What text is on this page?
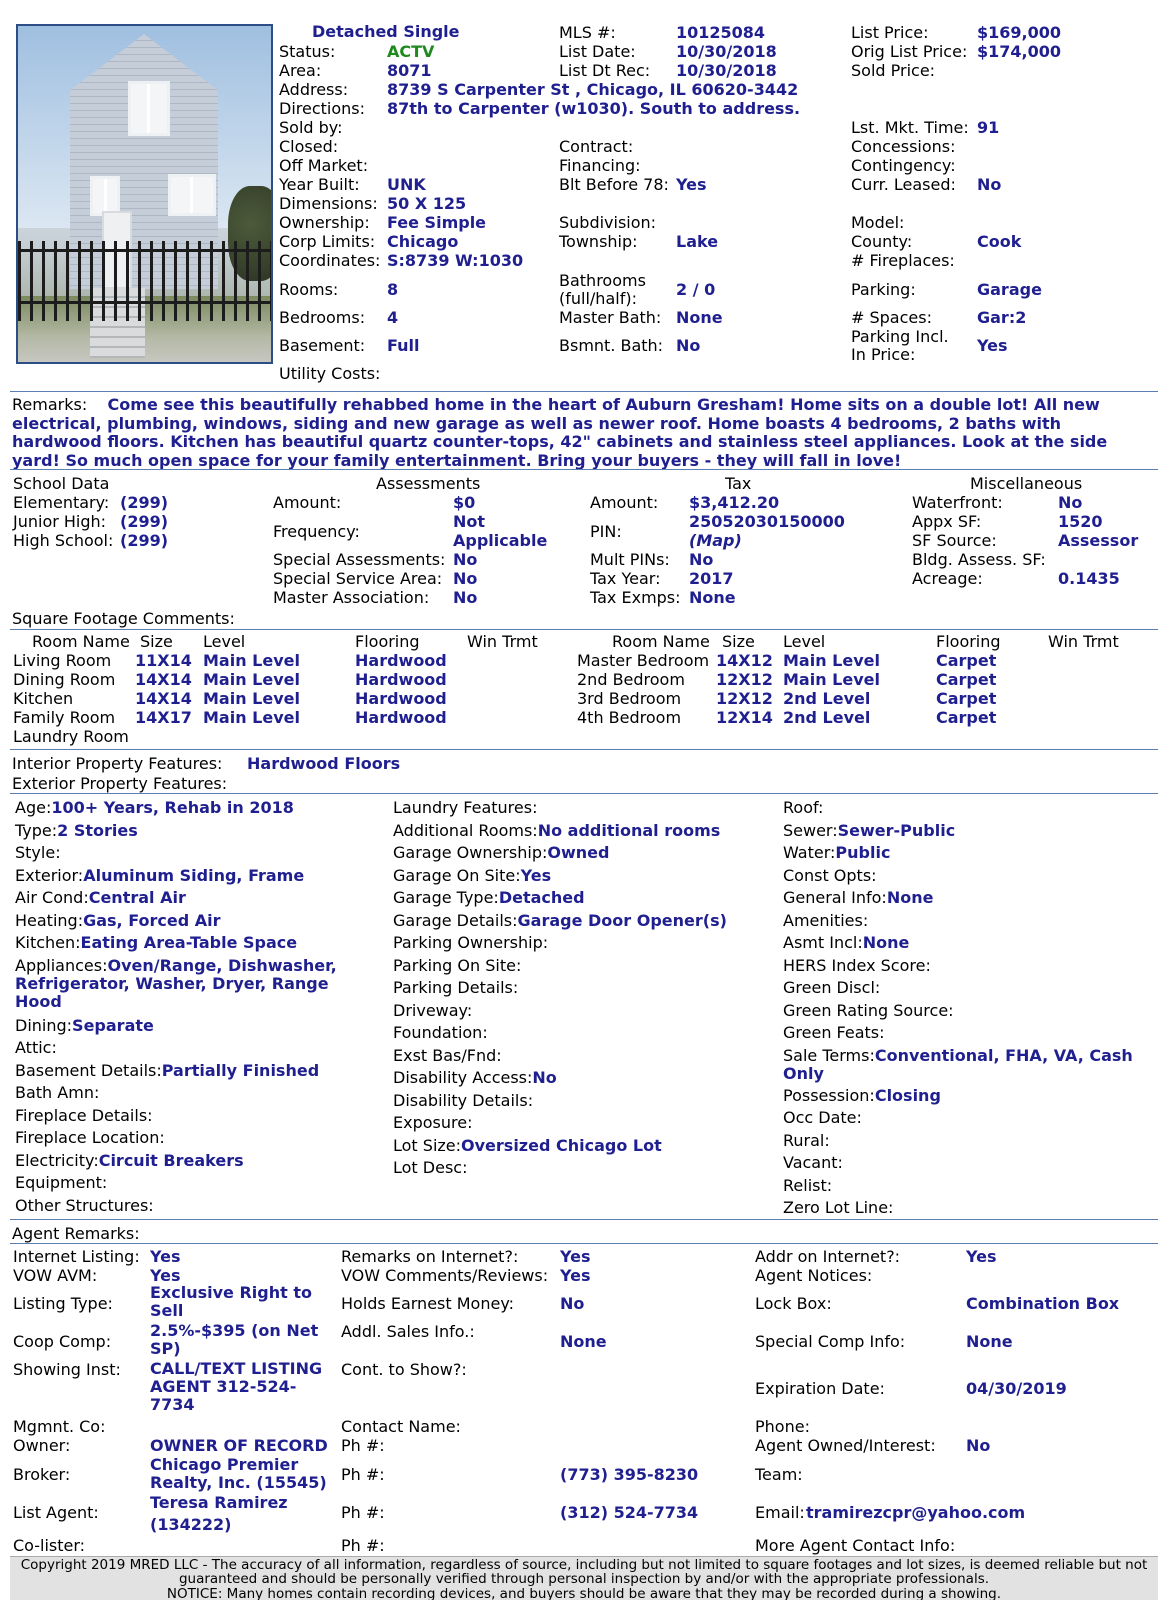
Detached Single
Status:	ACTV
Area:	8071
Address: 8739 S Carpenter St , Chicago, IL 60620-3442
Directions: 87th to Carpenter (w1030). South to address.
Sold by:
Closed:
Off Market:
Year Built: UNK
Dimensions: 50 X 125
Ownership: Fee Simple
Corp Limits: Chicago
Coordinates: S:8739 W:1030
Rooms:	8
Bedrooms: 4
Basement: Full
Utility Costs:
MLS #:	10125084
List Date:	10/30/2018
List Dt Rec: 10/30/2018
Contract:
Financing:
Blt Before 78: Yes
Subdivision:
Township: Lake
Bathrooms
(full/half): 2 / 0
Master Bath: None
Bsmnt. Bath: No
List Price:	$169,000
Orig List Price: $174,000
Sold Price:
Lst. Mkt. Time: 91
Concessions:
Contingency:
Curr. Leased: No
Model:
County:	Cook
# Fireplaces:
Parking:	Garage
# Spaces:	Gar:2
Parking Incl.
In Price:	Yes
Remarks: Come see this beautifully rehabbed home in the heart of Auburn Gresham! Home sits on a double lot! All new electrical, plumbing, windows, siding and new garage as well as newer roof. Home boasts 4 bedrooms, 2 baths with hardwood floors. Kitchen has beautiful quartz counter-tops, 42" cabinets and stainless steel appliances. Look at the side yard! So much open space for your family entertainment. Bring your buyers - they will fall in love!
School Data
Elementary: (299)
Junior High: (299)
High School: (299)
Assessments
Amount:	$0
Frequency:
Not
Applicable
Special Assessments: No
Special Service Area: No
Master Association: No
Tax
Amount: $3,412.20
PIN:
25052030150000
(Map)
Mult PINs: No
Tax Year: 2017
Tax Exmps: None
Miscellaneous
Waterfront:	No
Appx SF:	1520
SF Source:	Assessor
Bldg. Assess. SF:
Acreage:	0.1435
Square Footage Comments:
Room Name Size Level	Flooring	Win Trmt	Room Name Size Level	Flooring	Win Trmt
Living Room 11X14 Main Level	Hardwood
Dining Room 14X14 Main Level	Hardwood
Kitchen	14X14 Main Level	Hardwood
Family Room 14X17 Main Level	Hardwood
Laundry Room
Master Bedroom 14X12 Main Level	Carpet
2nd Bedroom 12X12 Main Level	Carpet
3rd Bedroom 12X12 2nd Level	Carpet
4th Bedroom 12X14 2nd Level	Carpet
Interior Property Features: Hardwood Floors
Exterior Property Features:
Age:100+ Years, Rehab in 2018
Type:2 Stories
Style:
Exterior:Aluminum Siding, Frame
Air Cond:Central Air
Heating:Gas, Forced Air
Kitchen:Eating Area-Table Space
Appliances:Oven/Range, Dishwasher, Refrigerator, Washer, Dryer, Range Hood
Dining:Separate
Attic:
Basement Details:Partially Finished
Bath Amn:
Fireplace Details:
Fireplace Location:
Electricity:Circuit Breakers
Equipment:
Other Structures:
Laundry Features:
Additional Rooms:No additional rooms
Garage Ownership:Owned
Garage On Site:Yes
Garage Type:Detached
Garage Details:Garage Door Opener(s)
Parking Ownership:
Parking On Site:
Parking Details:
Driveway:
Foundation:
Exst Bas/Fnd:
Disability Access:No
Disability Details:
Exposure:
Lot Size:Oversized Chicago Lot
Lot Desc:
Roof:
Sewer:Sewer-Public
Water:Public
Const Opts:
General Info:None
Amenities:
Asmt Incl:None
HERS Index Score:
Green Discl:
Green Rating Source:
Green Feats:
Sale Terms:Conventional, FHA, VA, Cash Only
Possession:Closing
Occ Date:
Rural:
Vacant:
Relist:
Zero Lot Line:
Agent Remarks:
Internet Listing: Yes
VOW AVM:	Yes
Listing Type:
Exclusive Right to Sell
Coop Comp:
2.5%-$395 (on Net SP)
Showing Inst: CALL/TEXT LISTING AGENT 312-524-7734
Mgmnt. Co:
Owner:	OWNER OF RECORD
Broker:
Chicago Premier Realty, Inc. (15545)
List Agent:
Teresa Ramirez
(134222)
Co-lister:
Remarks on Internet?:	Yes
VOW Comments/Reviews: Yes
Holds Earnest Money:	No
Addl. Sales Info.:
None
Cont. to Show?:
Contact Name:
Ph #:
Ph #:	(773) 395-8230
Ph #:	(312) 524-7734
Ph #:
Addr on Internet?:	Yes
Agent Notices:
Lock Box:	Combination Box
Special Comp Info:	None
Expiration Date:	04/30/2019
Phone:
Agent Owned/Interest: No
Team:
Email: tramirezcpr@yahoo.com
More Agent Contact Info:
Copyright 2019 MRED LLC - The accuracy of all information, regardless of source, including but not limited to square footages and lot sizes, is deemed reliable but not guaranteed and should be personally verified through personal inspection by and/or with the appropriate professionals.
NOTICE: Many homes contain recording devices, and buyers should be aware that they may be recorded during a showing.
